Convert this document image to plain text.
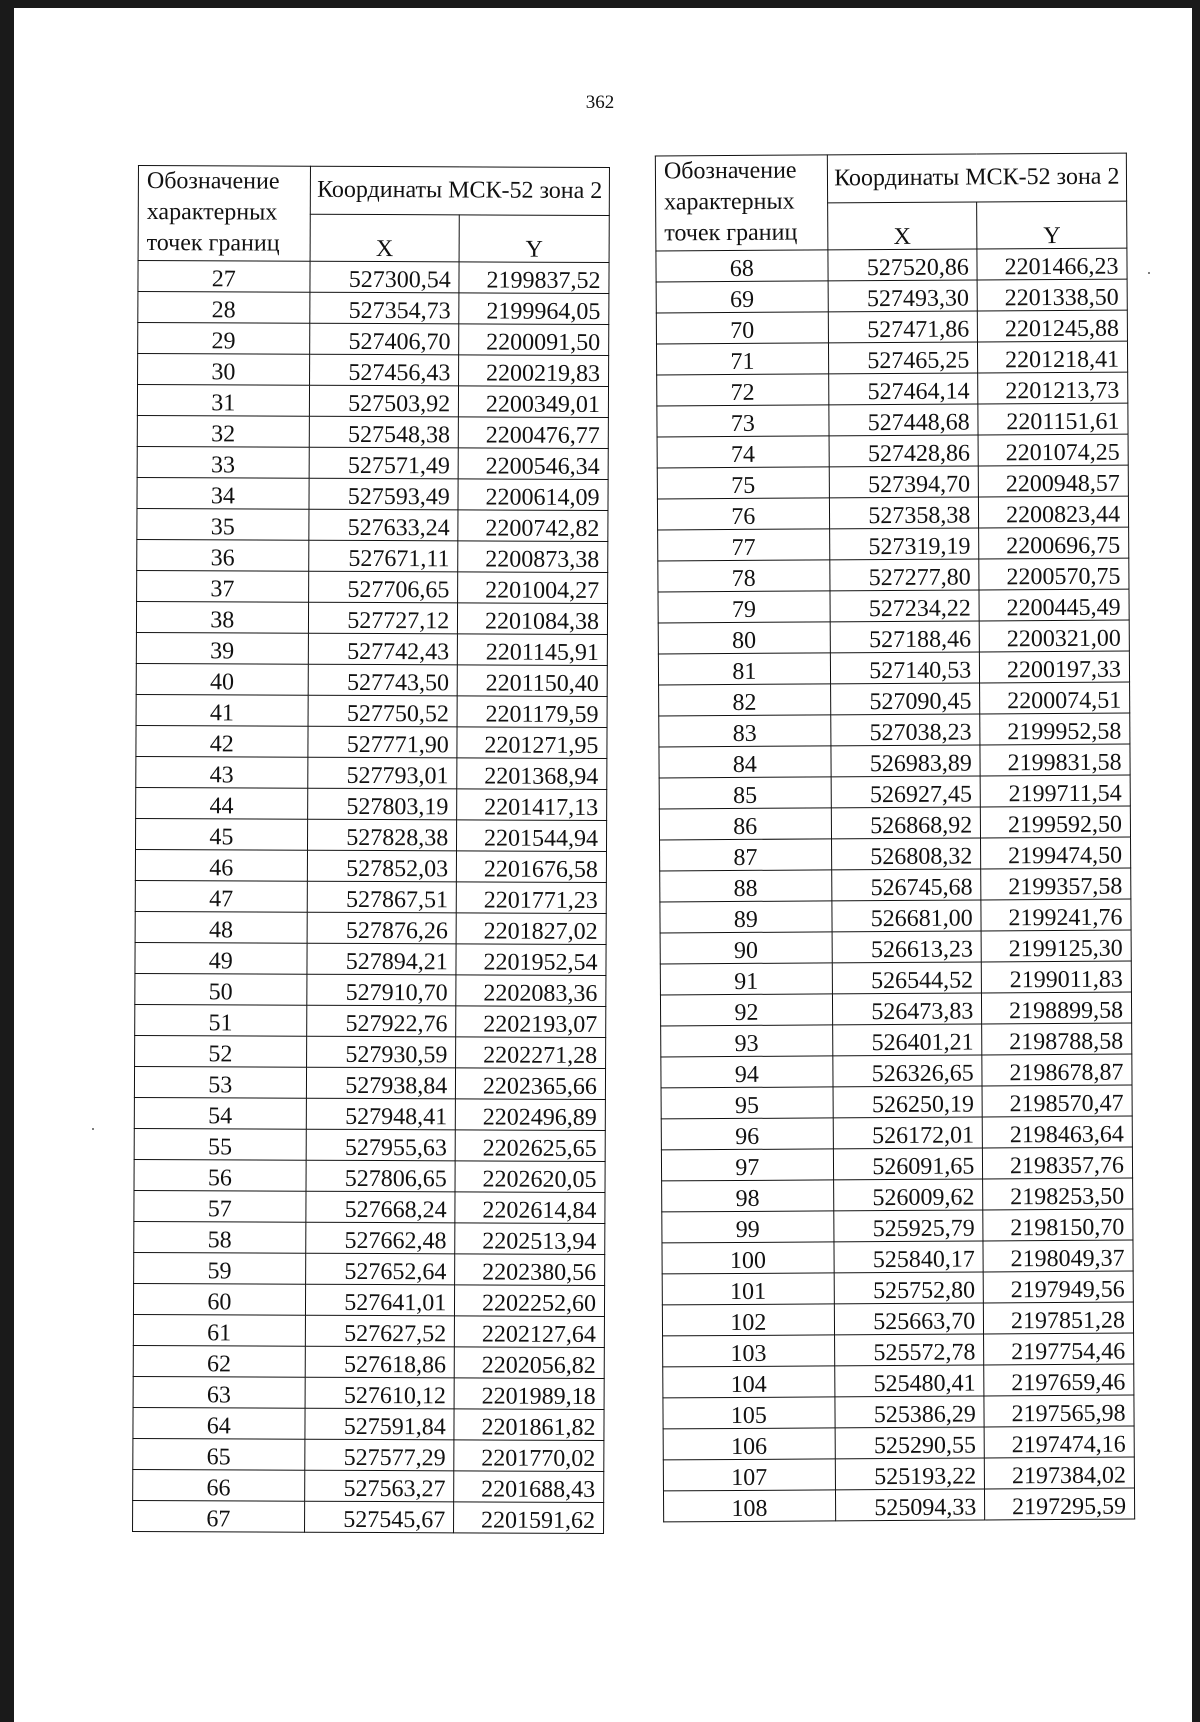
362
Обозначение характерных точек границ	Координаты МСК-52 зона 2	
	X	Y
27	527300,54	2199837,52
28	527354,73	2199964,05
29	527406,70	2200091,50
30	527456,43	2200219,83
31	527503,92	2200349,01
32	527548,38	2200476,77
33	527571,49	2200546,34
34	527593,49	2200614,09
35	527633,24	2200742,82
36	527671,11	2200873,38
37	527706,65	2201004,27
38	527727,12	2201084,38
39	527742,43	2201145,91
40	527743,50	2201150,40
41	527750,52	2201179,59
42	527771,90	2201271,95
43	527793,01	2201368,94
44	527803,19	2201417,13
45	527828,38	2201544,94
46	527852,03	2201676,58
47	527867,51	2201771,23
48	527876,26	2201827,02
49	527894,21	2201952,54
50	527910,70	2202083,36
51	527922,76	2202193,07
52	527930,59	2202271,28
53	527938,84	2202365,66
54	527948,41	2202496,89
55	527955,63	2202625,65
56	527806,65	2202620,05
57	527668,24	2202614,84
58	527662,48	2202513,94
59	527652,64	2202380,56
60	527641,01	2202252,60
61	527627,52	2202127,64
62	527618,86	2202056,82
63	527610,12	2201989,18
64	527591,84	2201861,82
65	527577,29	2201770,02
66	527563,27	2201688,43
67	527545,67	2201591,62
Обозначение характерных точек границ	Координаты МСК-52 зона 2	
	X	Y
68	527520,86	2201466,23
69	527493,30	2201338,50
70	527471,86	2201245,88
71	527465,25	2201218,41
72	527464,14	2201213,73
73	527448,68	2201151,61
74	527428,86	2201074,25
75	527394,70	2200948,57
76	527358,38	2200823,44
77	527319,19	2200696,75
78	527277,80	2200570,75
79	527234,22	2200445,49
80	527188,46	2200321,00
81	527140,53	2200197,33
82	527090,45	2200074,51
83	527038,23	2199952,58
84	526983,89	2199831,58
85	526927,45	2199711,54
86	526868,92	2199592,50
87	526808,32	2199474,50
88	526745,68	2199357,58
89	526681,00	2199241,76
90	526613,23	2199125,30
91	526544,52	2199011,83
92	526473,83	2198899,58
93	526401,21	2198788,58
94	526326,65	2198678,87
95	526250,19	2198570,47
96	526172,01	2198463,64
97	526091,65	2198357,76
98	526009,62	2198253,50
99	525925,79	2198150,70
100	525840,17	2198049,37
101	525752,80	2197949,56
102	525663,70	2197851,28
103	525572,78	2197754,46
104	525480,41	2197659,46
105	525386,29	2197565,98
106	525290,55	2197474,16
107	525193,22	2197384,02
108	525094,33	2197295,59
